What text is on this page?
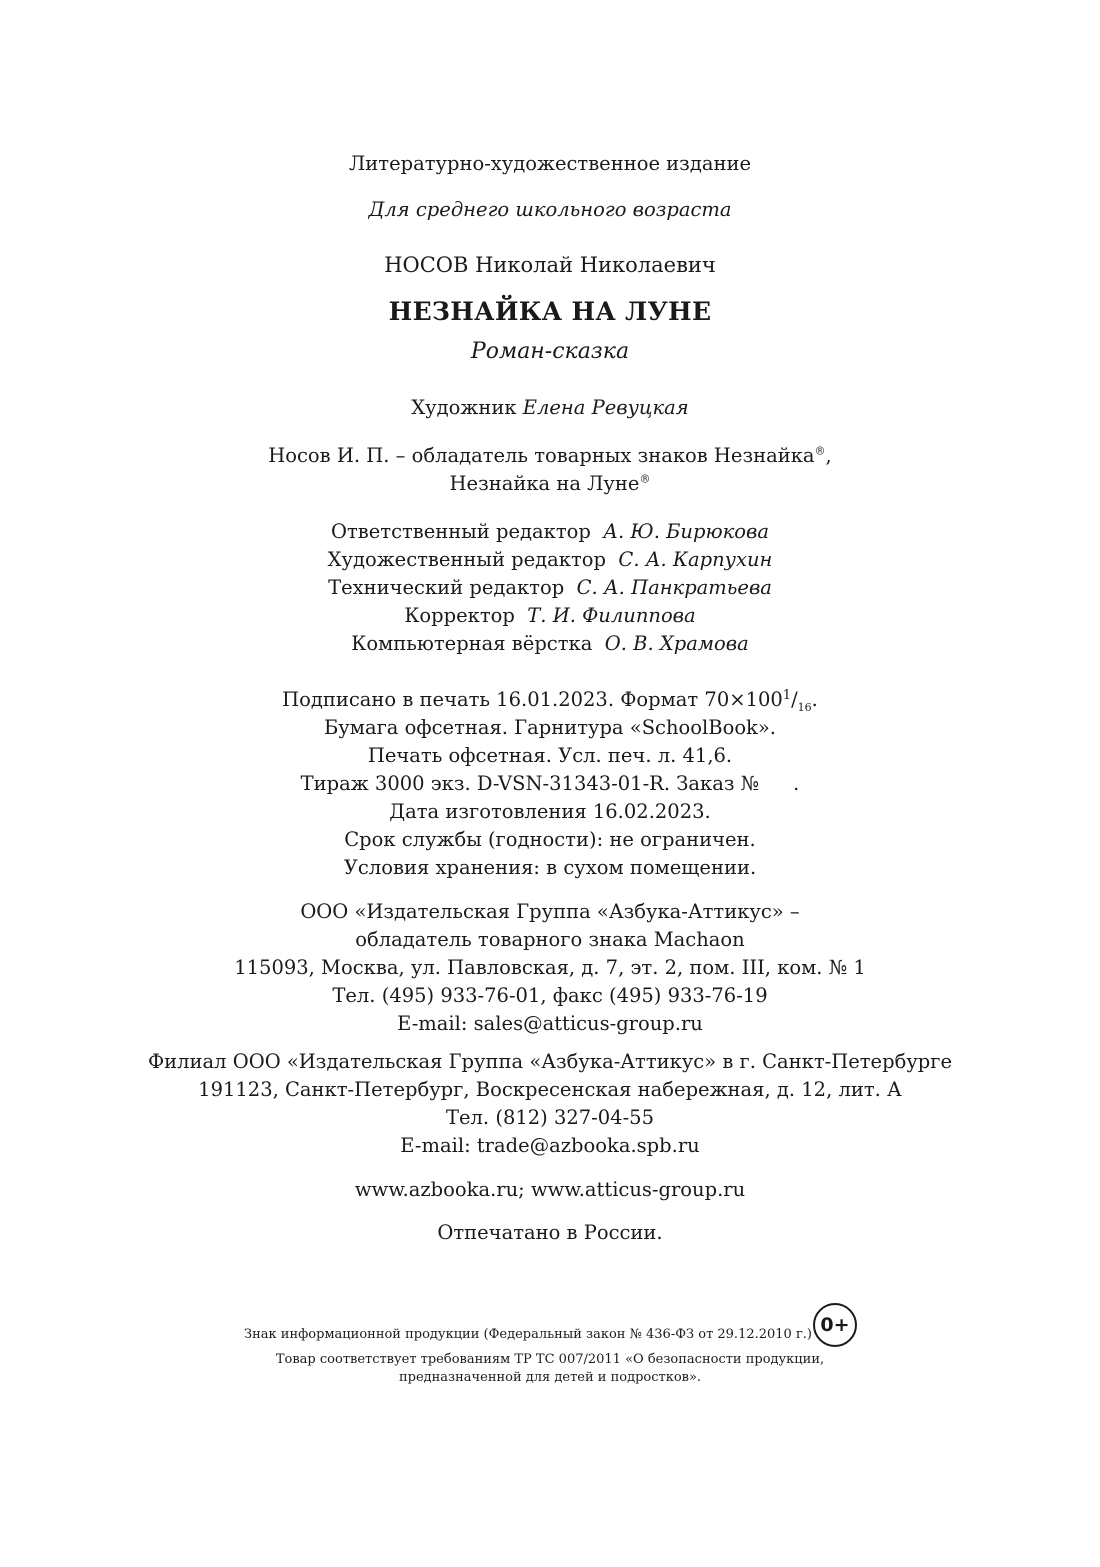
Литературно-художественное издание
Для среднего школьного возраста
НОСОВ Николай Николаевич
НЕЗНАЙКА НА ЛУНЕ
Роман-сказка
Художник Елена Ревуцкая
Носов И. П. – обладатель товарных знаков Незнайка®,
Незнайка на Луне®
Ответственный редактор А. Ю. Бирюкова
Художественный редактор С. А. Карпухин
Технический редактор С. А. Панкратьева
Корректор Т. И. Филиппова
Компьютерная вёрстка О. В. Храмова
Подписано в печать 16.01.2023. Формат $70\times 100^1/_{16}$.
Бумага офсетная. Гарнитура «SchoolBook».
Печать офсетная. Усл. печ. л. 41,6.
Тираж 3000 экз. D-VSN-31343-01-R. Заказ № .
Дата изготовления 16.02.2023.
Срок службы (годности): не ограничен.
Условия хранения: в сухом помещении.
ООО «Издательская Группа «Азбука-Аттикус» –
обладатель товарного знака Machaon
115093, Москва, ул. Павловская, д. 7, эт. 2, пом. III, ком. № 1
Тел. (495) 933-76-01, факс (495) 933-76-19
E-mail: sales@atticus-group.ru
Филиал ООО «Издательская Группа «Азбука-Аттикус» в г. Санкт-Петербурге
191123, Санкт-Петербург, Воскресенская набережная, д. 12, лит. А
Тел. (812) 327-04-55
E-mail: trade@azbooka.spb.ru
www.azbooka.ru; www.atticus-group.ru
Отпечатано в России.
Знак информационной продукции (Федеральный закон № 436-ФЗ от 29.12.2010 г.) 0+
Товар соответствует требованиям ТР ТС 007/2011 «О безопасности продукции,
предназначенной для детей и подростков».
